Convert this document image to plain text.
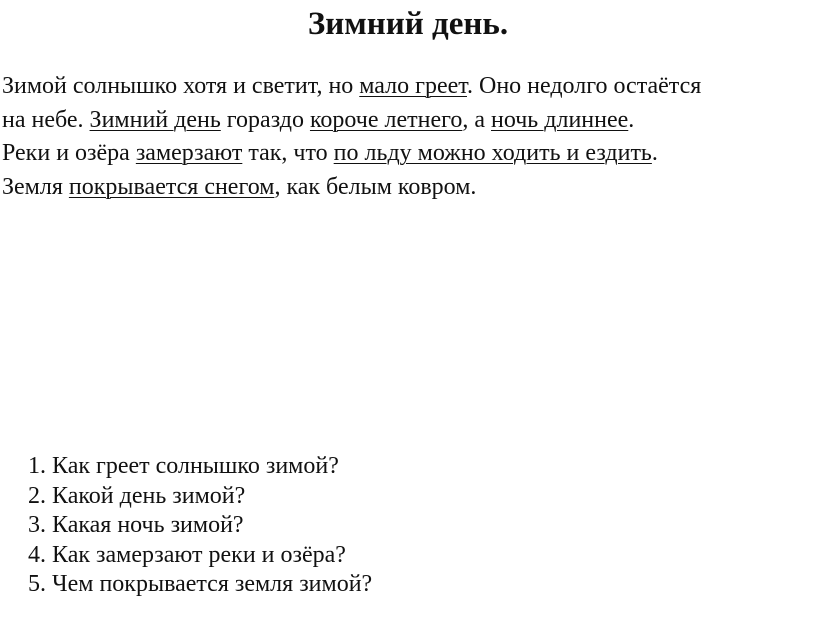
Зимний день.
Зимой солнышко хотя и светит, но мало греет. Оно недолго остаётся
на небе. Зимний день гораздо короче летнего, а ночь длиннее.
Реки и озёра замерзают так, что по льду можно ходить и ездить.
Земля покрывается снегом, как белым ковром.
1. Как греет солнышко зимой?
2. Какой день зимой?
3. Какая ночь зимой?
4. Как замерзают реки и озёра?
5. Чем покрывается земля зимой?
